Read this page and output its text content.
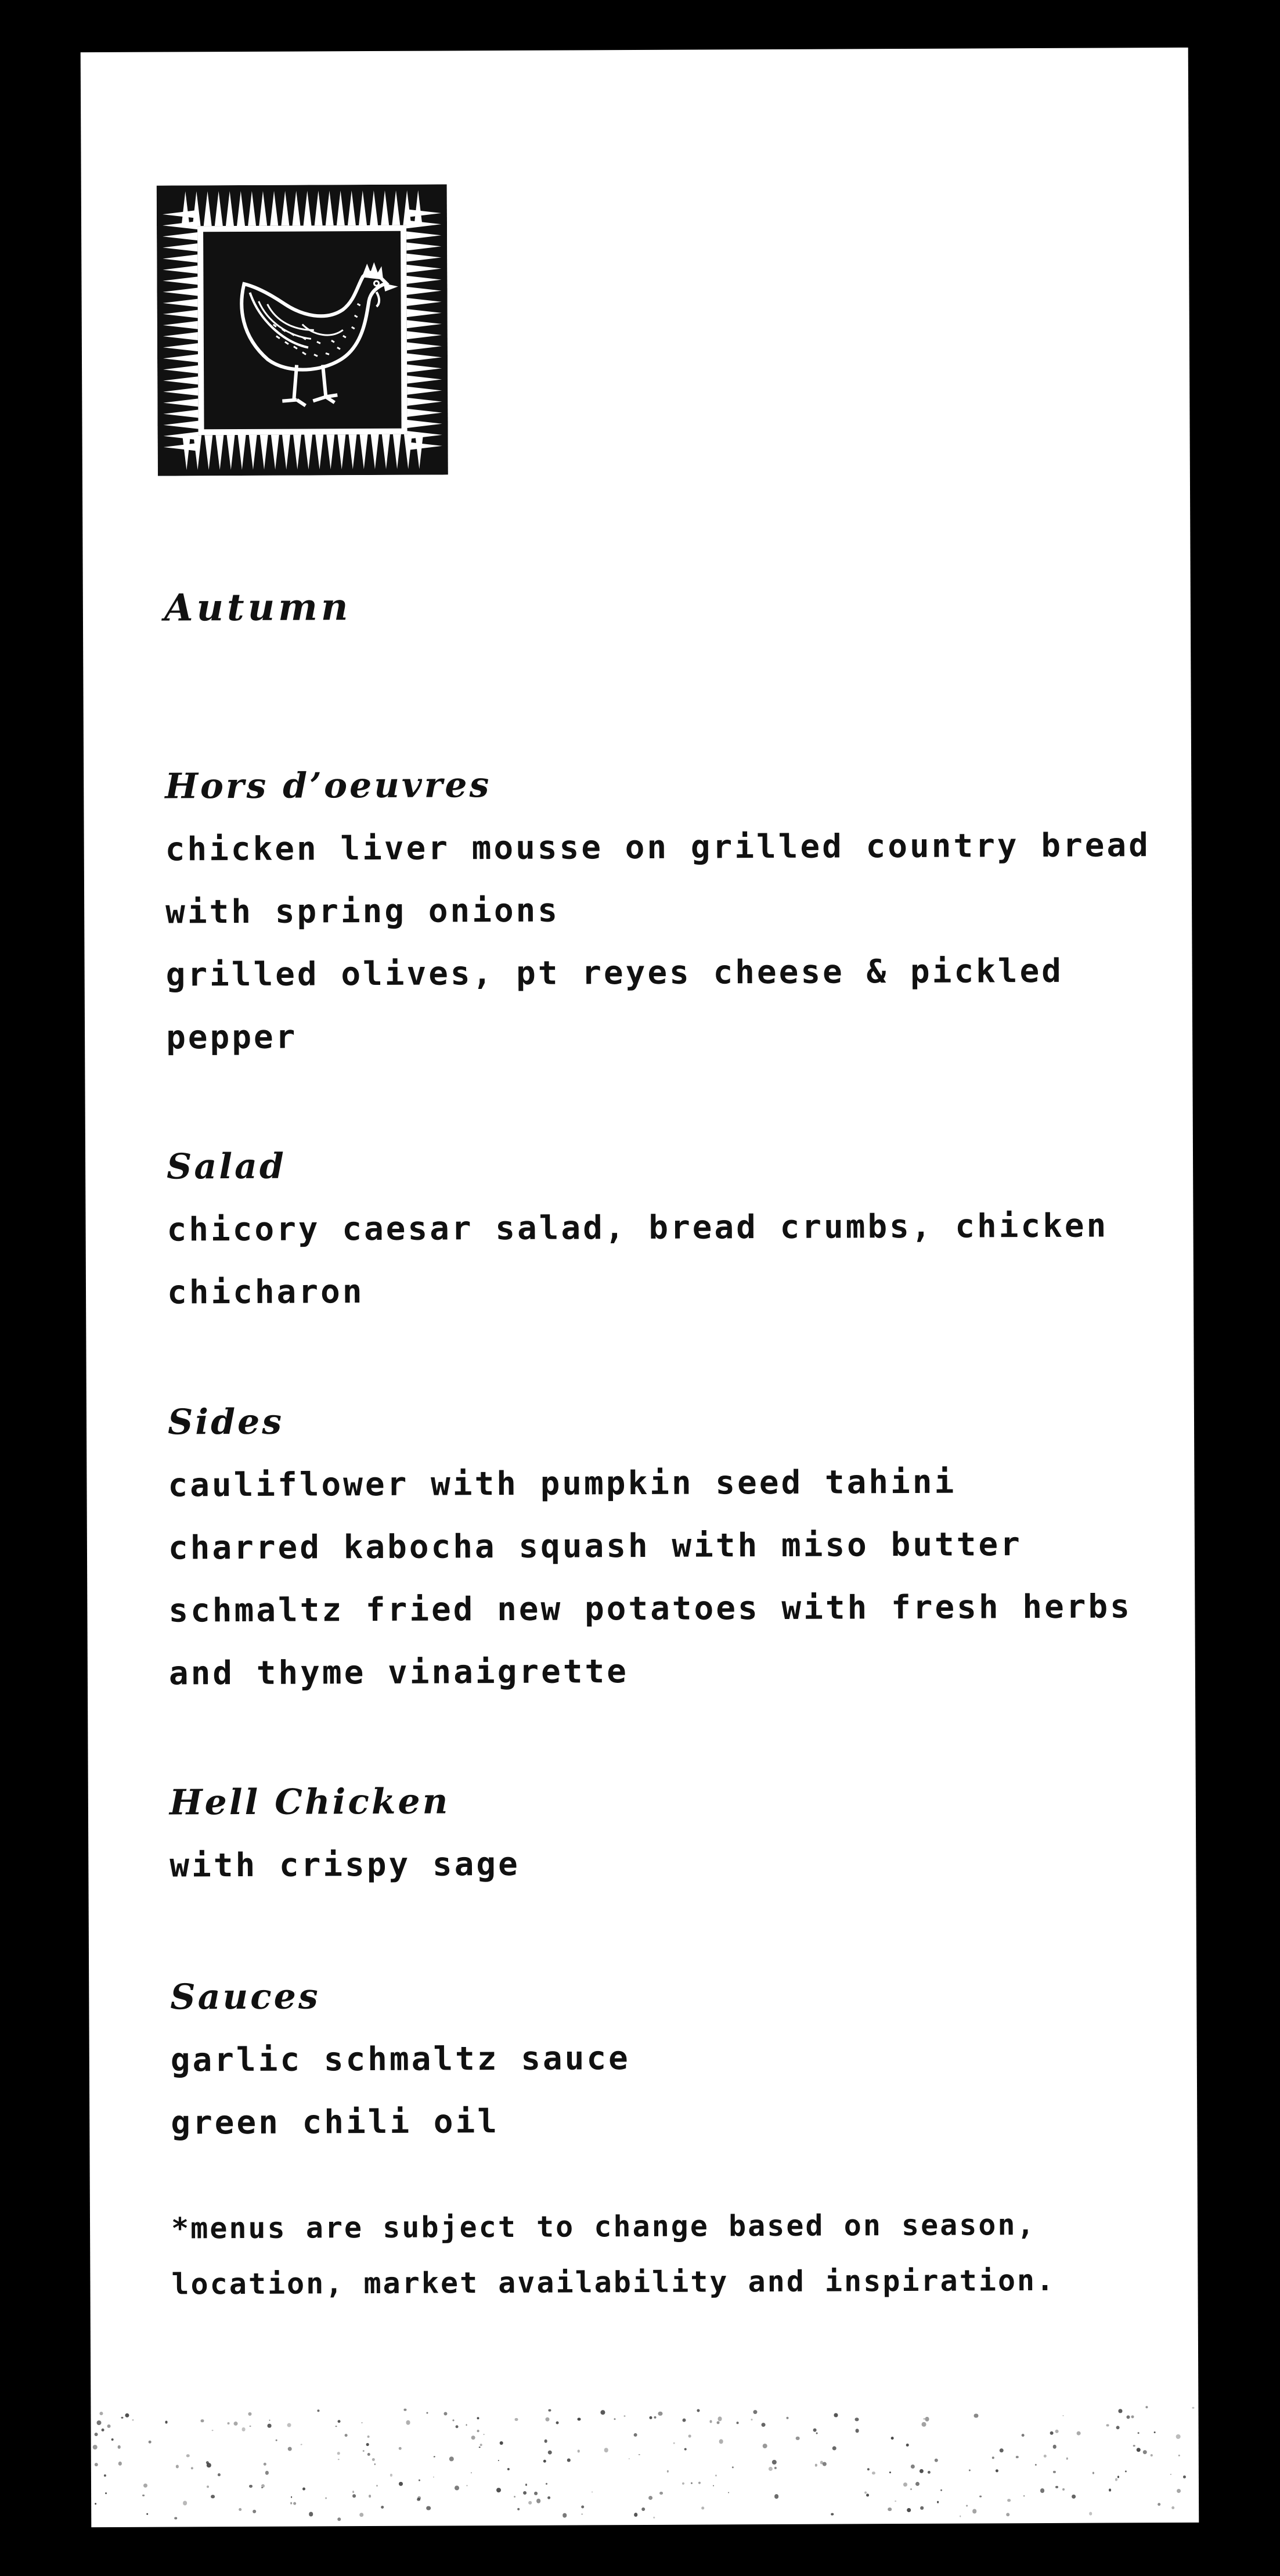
Autumn
Hors d’oeuvres
chicken liver mousse on grilled country bread
with spring onions
grilled olives, pt reyes cheese & pickled
pepper
Salad
chicory caesar salad, bread crumbs, chicken
chicharon
Sides
cauliflower with pumpkin seed tahini
charred kabocha squash with miso butter
schmaltz fried new potatoes with fresh herbs
and thyme vinaigrette
Hell Chicken
with crispy sage
Sauces
garlic schmaltz sauce
green chili oil
*menus are subject to change based on season,
location, market availability and inspiration.
